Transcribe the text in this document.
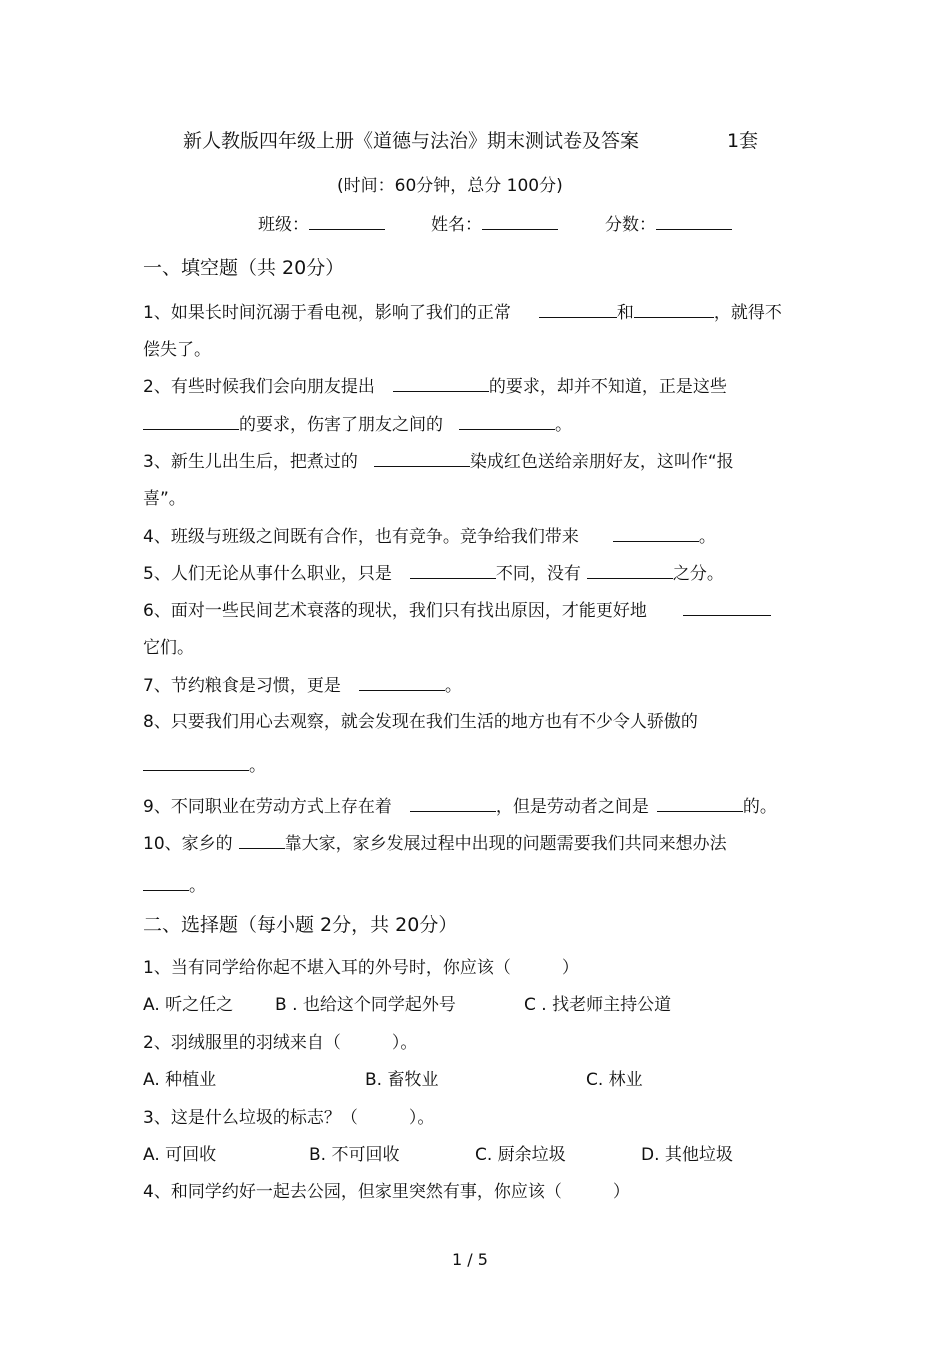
新人教版四年级上册《道德与法治》期末测试卷及答案	1套
(时间：60分钟，总分 100分)
班级：	姓名：	分数：
一、填空题（共 20分）
1、如果长时间沉溺于看电视，影响了我们的正常	和	，就得不
偿失了。
2、有些时候我们会向朋友提出	的要求，却并不知道，正是这些
的要求，伤害了朋友之间的	。
3、新生儿出生后，把煮过的	染成红色送给亲朋好友，这叫作“报
喜”。
4、班级与班级之间既有合作，也有竞争。竞争给我们带来	。
5、人们无论从事什么职业，只是	不同，没有	之分。
6、面对一些民间艺术衰落的现状，我们只有找出原因，才能更好地
它们。
7、节约粮食是习惯，更是	。
8、只要我们用心去观察，就会发现在我们生活的地方也有不少令人骄傲的
。
9、不同职业在劳动方式上存在着	，但是劳动者之间是	的。
10、家乡的	靠大家，家乡发展过程中出现的问题需要我们共同来想办法
。
二、选择题（每小题 2分，共 20分）
1、当有同学给你起不堪入耳的外号时，你应该（　　　）
A. 听之任之 B . 也给这个同学起外号	C . 找老师主持公道
2、羽绒服里的羽绒来自（　　　）。
A. 种植业	B. 畜牧业	C. 林业
3、这是什么垃圾的标志？（　　　）。
A. 可回收	B. 不可回收	C. 厨余垃圾	D. 其他垃圾
4、和同学约好一起去公园，但家里突然有事，你应该（　　　）
1 / 5
